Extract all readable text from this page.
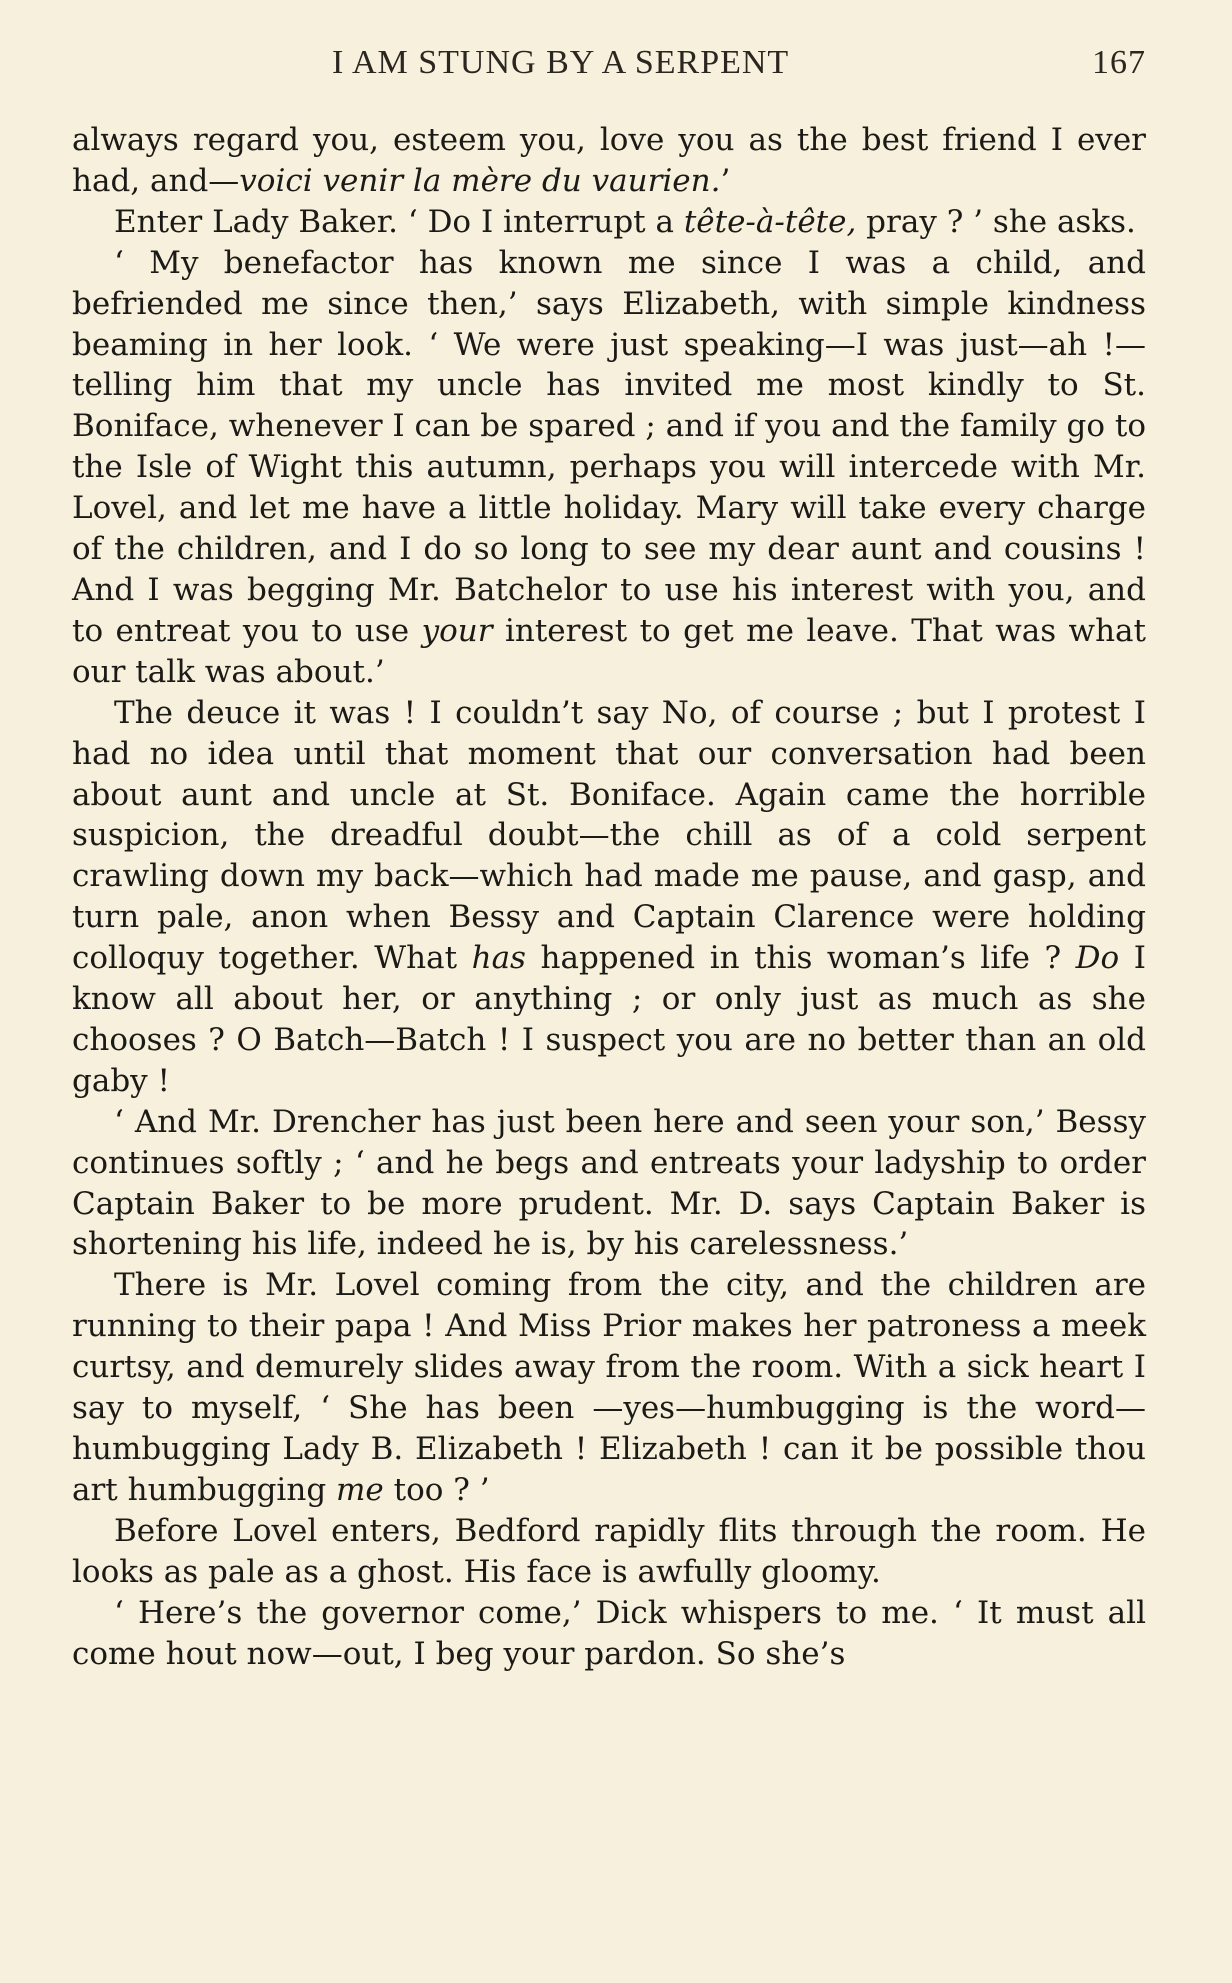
I AM STUNG BY A SERPENT	167

always regard you, esteem you, love you as the best friend I ever had, and—voici venir la mère du vaurien.’

Enter Lady Baker. ‘ Do I interrupt a tête-à-tête, pray ? ’ she asks.

‘ My benefactor has known me since I was a child, and befriended me since then,’ says Elizabeth, with simple kindness beaming in her look. ‘ We were just speaking—I was just—ah !—telling him that my uncle has invited me most kindly to St. Boniface, whenever I can be spared ; and if you and the family go to the Isle of Wight this autumn, perhaps you will intercede with Mr. Lovel, and let me have a little holiday. Mary will take every charge of the children, and I do so long to see my dear aunt and cousins ! And I was begging Mr. Batchelor to use his interest with you, and to entreat you to use your interest to get me leave. That was what our talk was about.’

The deuce it was ! I couldn’t say No, of course ; but I protest I had no idea until that moment that our conversation had been about aunt and uncle at St. Boniface. Again came the horrible suspicion, the dreadful doubt—the chill as of a cold serpent crawling down my back—which had made me pause, and gasp, and turn pale, anon when Bessy and Captain Clarence were holding colloquy together. What has happened in this woman’s life ? Do I know all about her, or anything ; or only just as much as she chooses ? O Batch—Batch ! I suspect you are no better than an old gaby !

‘ And Mr. Drencher has just been here and seen your son,’ Bessy continues softly ; ‘ and he begs and entreats your ladyship to order Captain Baker to be more prudent. Mr. D. says Captain Baker is shortening his life, indeed he is, by his carelessness.’

There is Mr. Lovel coming from the city, and the children are running to their papa ! And Miss Prior makes her patroness a meek curtsy, and demurely slides away from the room. With a sick heart I say to myself, ‘ She has been —yes—humbugging is the word—humbugging Lady B. Elizabeth ! Elizabeth ! can it be possible thou art humbugging me too ? ’

Before Lovel enters, Bedford rapidly flits through the room. He looks as pale as a ghost. His face is awfully gloomy.

‘ Here’s the governor come,’ Dick whispers to me. ‘ It must all come hout now—out, I beg your pardon. So she’s
